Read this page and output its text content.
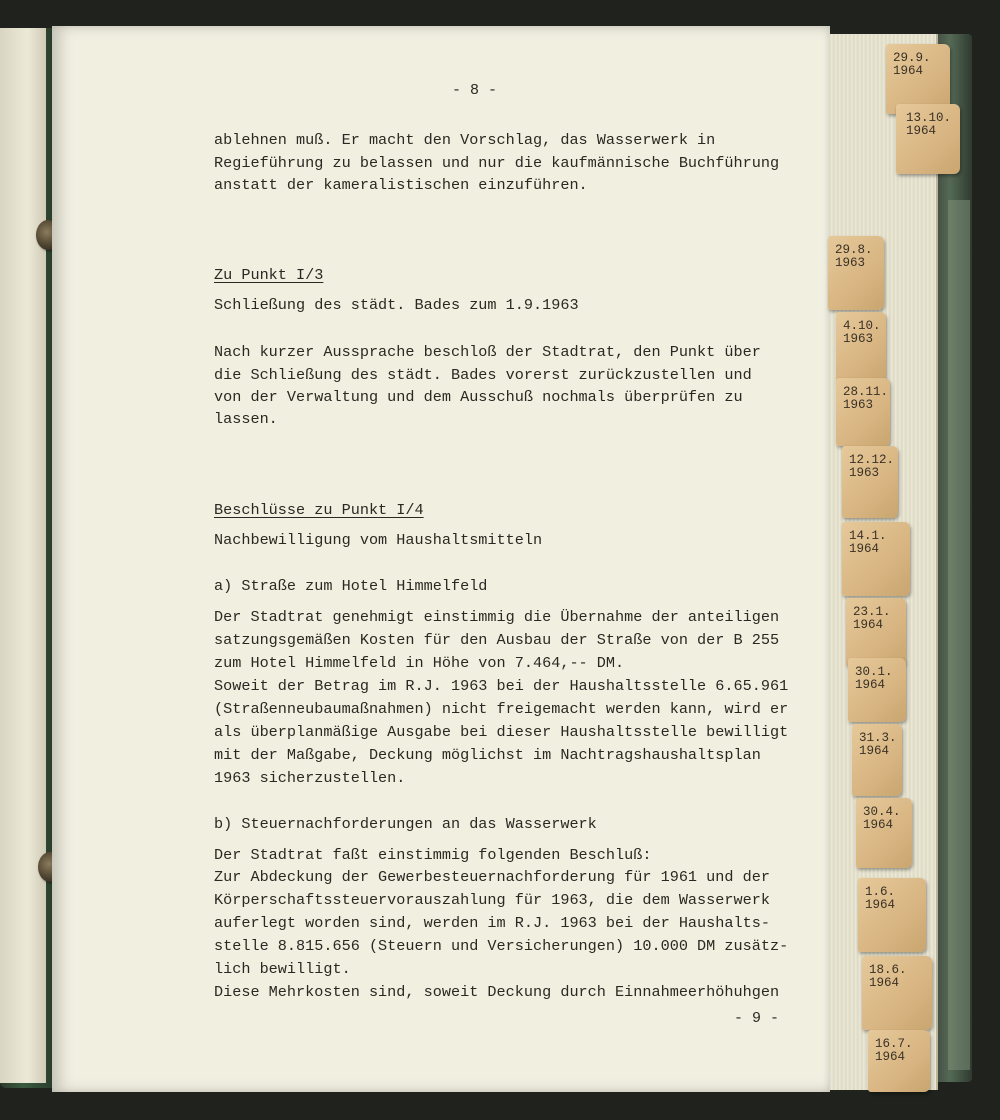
- 8 -
ablehnen muß. Er macht den Vorschlag, das Wasserwerk in
Regieführung zu belassen und nur die kaufmännische Buchführung
anstatt der kameralistischen einzuführen.
Zu Punkt I/3
Schließung des städt. Bades zum 1.9.1963
Nach kurzer Aussprache beschloß der Stadtrat, den Punkt über
die Schließung des städt. Bades vorerst zurückzustellen und
von der Verwaltung und dem Ausschuß nochmals überprüfen zu
lassen.
Beschlüsse zu Punkt I/4
Nachbewilligung vom Haushaltsmitteln
a) Straße zum Hotel Himmelfeld
Der Stadtrat genehmigt einstimmig die Übernahme der anteiligen
satzungsgemäßen Kosten für den Ausbau der Straße von der B 255
zum Hotel Himmelfeld in Höhe von 7.464,-- DM.
Soweit der Betrag im R.J. 1963 bei der Haushaltsstelle 6.65.961
(Straßenneubaumaßnahmen) nicht freigemacht werden kann, wird er
als überplanmäßige Ausgabe bei dieser Haushaltsstelle bewilligt
mit der Maßgabe, Deckung möglichst im Nachtragshaushaltsplan
1963 sicherzustellen.
b) Steuernachforderungen an das Wasserwerk
Der Stadtrat faßt einstimmig folgenden Beschluß:
Zur Abdeckung der Gewerbesteuernachforderung für 1961 und der
Körperschaftssteuervorauszahlung für 1963, die dem Wasserwerk
auferlegt worden sind, werden im R.J. 1963 bei der Haushalts-
stelle 8.815.656 (Steuern und Versicherungen) 10.000 DM zusätz-
lich bewilligt.
Diese Mehrkosten sind, soweit Deckung durch Einnahmeerhöhuhgen
- 9 -
29.9.
1964
13.10.
1964
29.8.
1963
4.10.
1963
28.11.
1963
12.12.
1963
14.1.
1964
23.1.
1964
30.1.
1964
31.3.
1964
30.4.
1964
1.6.
1964
18.6.
1964
16.7.
1964
